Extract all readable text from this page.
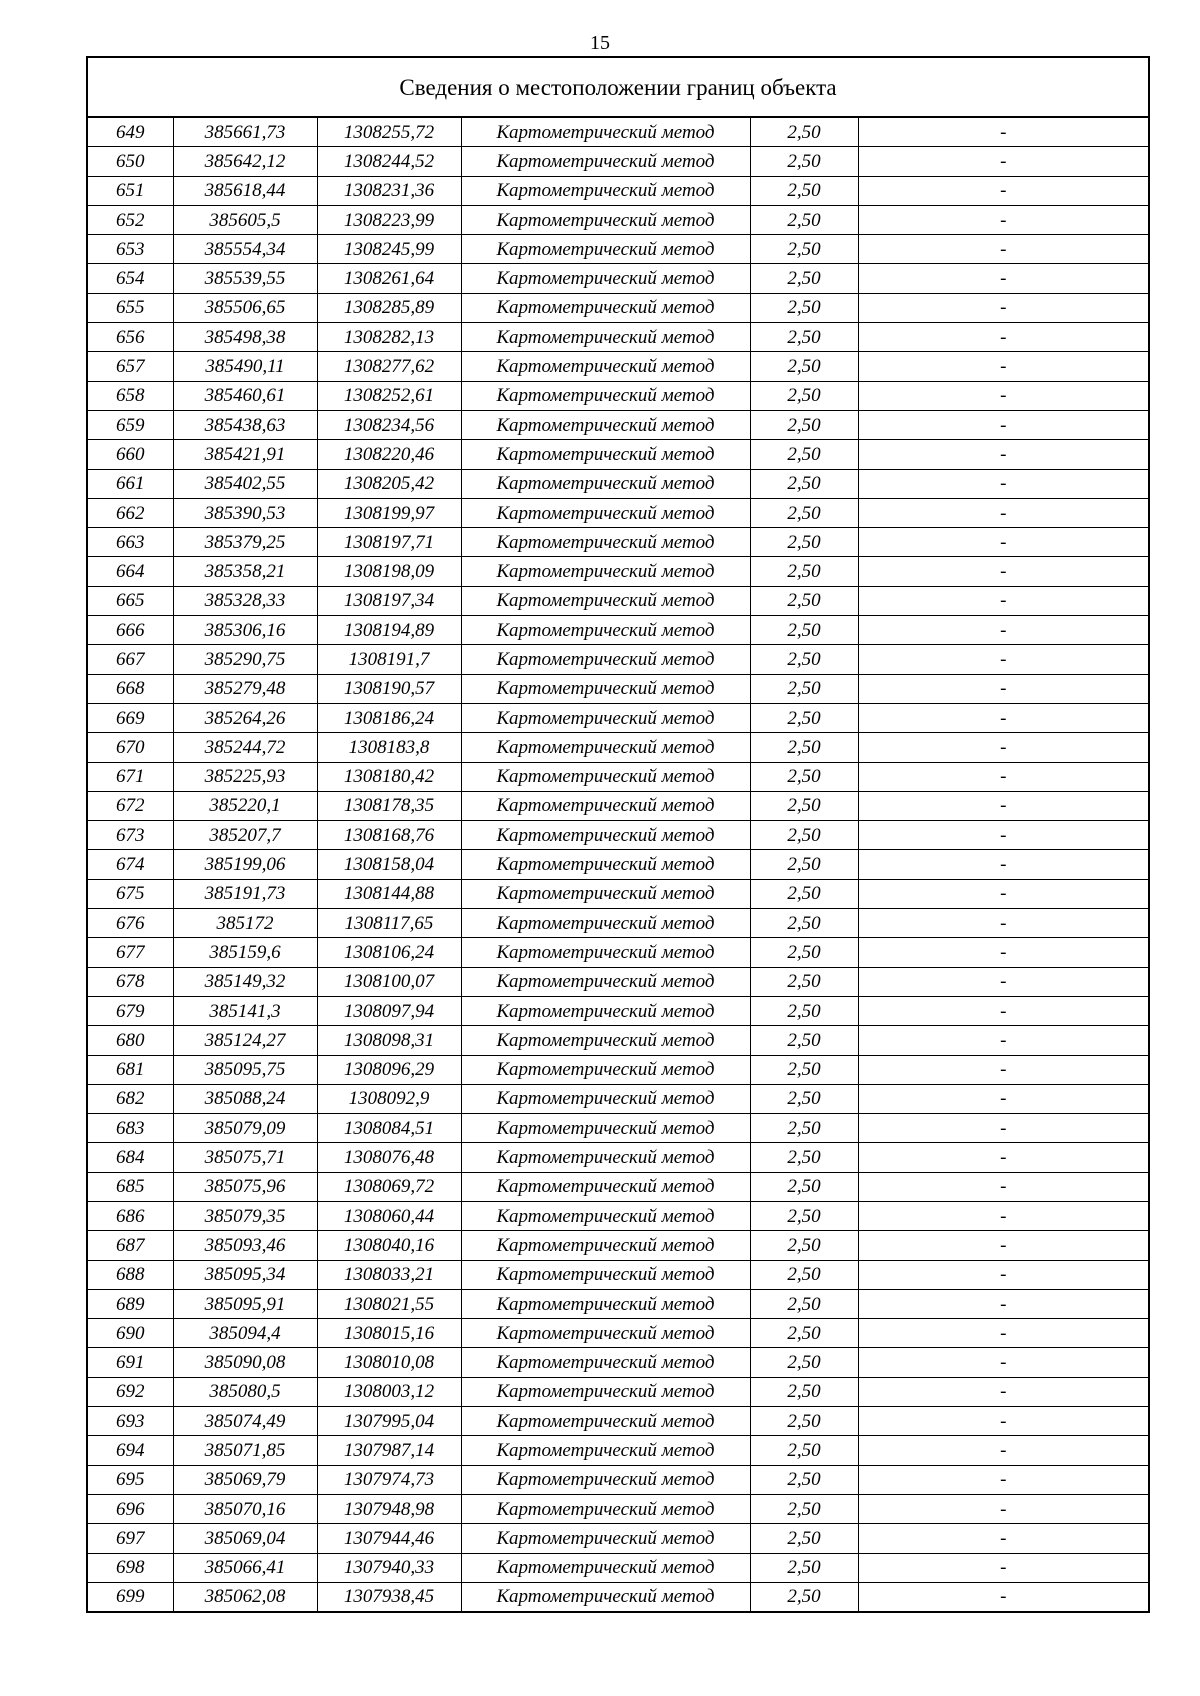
15
Сведения о местоположении границ объекта
649	385661,73	1308255,72	Картометрический метод	2,50	-
650	385642,12	1308244,52	Картометрический метод	2,50	-
651	385618,44	1308231,36	Картометрический метод	2,50	-
652	385605,5	1308223,99	Картометрический метод	2,50	-
653	385554,34	1308245,99	Картометрический метод	2,50	-
654	385539,55	1308261,64	Картометрический метод	2,50	-
655	385506,65	1308285,89	Картометрический метод	2,50	-
656	385498,38	1308282,13	Картометрический метод	2,50	-
657	385490,11	1308277,62	Картометрический метод	2,50	-
658	385460,61	1308252,61	Картометрический метод	2,50	-
659	385438,63	1308234,56	Картометрический метод	2,50	-
660	385421,91	1308220,46	Картометрический метод	2,50	-
661	385402,55	1308205,42	Картометрический метод	2,50	-
662	385390,53	1308199,97	Картометрический метод	2,50	-
663	385379,25	1308197,71	Картометрический метод	2,50	-
664	385358,21	1308198,09	Картометрический метод	2,50	-
665	385328,33	1308197,34	Картометрический метод	2,50	-
666	385306,16	1308194,89	Картометрический метод	2,50	-
667	385290,75	1308191,7	Картометрический метод	2,50	-
668	385279,48	1308190,57	Картометрический метод	2,50	-
669	385264,26	1308186,24	Картометрический метод	2,50	-
670	385244,72	1308183,8	Картометрический метод	2,50	-
671	385225,93	1308180,42	Картометрический метод	2,50	-
672	385220,1	1308178,35	Картометрический метод	2,50	-
673	385207,7	1308168,76	Картометрический метод	2,50	-
674	385199,06	1308158,04	Картометрический метод	2,50	-
675	385191,73	1308144,88	Картометрический метод	2,50	-
676	385172	1308117,65	Картометрический метод	2,50	-
677	385159,6	1308106,24	Картометрический метод	2,50	-
678	385149,32	1308100,07	Картометрический метод	2,50	-
679	385141,3	1308097,94	Картометрический метод	2,50	-
680	385124,27	1308098,31	Картометрический метод	2,50	-
681	385095,75	1308096,29	Картометрический метод	2,50	-
682	385088,24	1308092,9	Картометрический метод	2,50	-
683	385079,09	1308084,51	Картометрический метод	2,50	-
684	385075,71	1308076,48	Картометрический метод	2,50	-
685	385075,96	1308069,72	Картометрический метод	2,50	-
686	385079,35	1308060,44	Картометрический метод	2,50	-
687	385093,46	1308040,16	Картометрический метод	2,50	-
688	385095,34	1308033,21	Картометрический метод	2,50	-
689	385095,91	1308021,55	Картометрический метод	2,50	-
690	385094,4	1308015,16	Картометрический метод	2,50	-
691	385090,08	1308010,08	Картометрический метод	2,50	-
692	385080,5	1308003,12	Картометрический метод	2,50	-
693	385074,49	1307995,04	Картометрический метод	2,50	-
694	385071,85	1307987,14	Картометрический метод	2,50	-
695	385069,79	1307974,73	Картометрический метод	2,50	-
696	385070,16	1307948,98	Картометрический метод	2,50	-
697	385069,04	1307944,46	Картометрический метод	2,50	-
698	385066,41	1307940,33	Картометрический метод	2,50	-
699	385062,08	1307938,45	Картометрический метод	2,50	-
